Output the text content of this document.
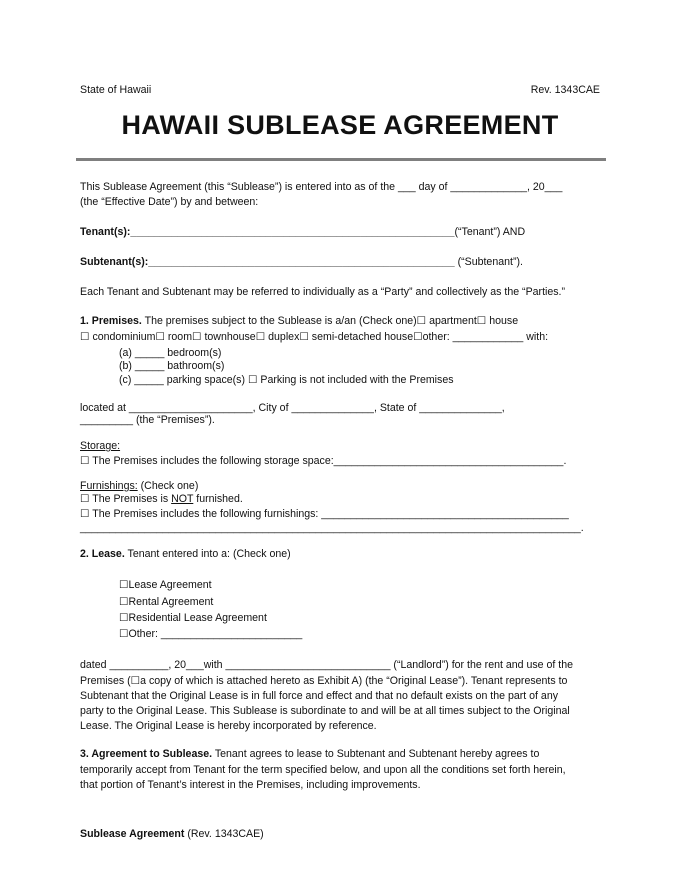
State of Hawaii	Rev. 1343CAE
HAWAII SUBLEASE AGREEMENT
This Sublease Agreement (this “Sublease”) is entered into as of the ___ day of _____________, 20___
(the “Effective Date”) by and between:
Tenant(s):_______________________________________________________(“Tenant”) AND
Subtenant(s):____________________________________________________ (“Subtenant”).
Each Tenant and Subtenant may be referred to individually as a “Party” and collectively as the “Parties.”
1. Premises. The premises subject to the Sublease is a/an (Check one)☐ apartment☐ house
☐ condominium☐ room☐ townhouse☐ duplex☐ semi-detached house☐other: ____________ with:
(a) _____ bedroom(s)
(b) _____ bathroom(s)
(c) _____ parking space(s) ☐ Parking is not included with the Premises
located at _____________________, City of ______________, State of ______________,
_________ (the “Premises”).
Storage:
☐ The Premises includes the following storage space:_______________________________________.
Furnishings: (Check one)
☐ The Premises is NOT furnished.
☐ The Premises includes the following furnishings: __________________________________________
_____________________________________________________________________________________.
2. Lease. Tenant entered into a: (Check one)
☐Lease Agreement
☐Rental Agreement
☐Residential Lease Agreement
☐Other: ________________________
dated __________, 20___with ____________________________ (“Landlord”) for the rent and use of the
Premises (☐a copy of which is attached hereto as Exhibit A) (the “Original Lease”). Tenant represents to
Subtenant that the Original Lease is in full force and effect and that no default exists on the part of any
party to the Original Lease. This Sublease is subordinate to and will be at all times subject to the Original
Lease. The Original Lease is hereby incorporated by reference.
3. Agreement to Sublease. Tenant agrees to lease to Subtenant and Subtenant hereby agrees to
temporarily accept from Tenant for the term specified below, and upon all the conditions set forth herein,
that portion of Tenant’s interest in the Premises, including improvements.
Sublease Agreement (Rev. 1343CAE)
